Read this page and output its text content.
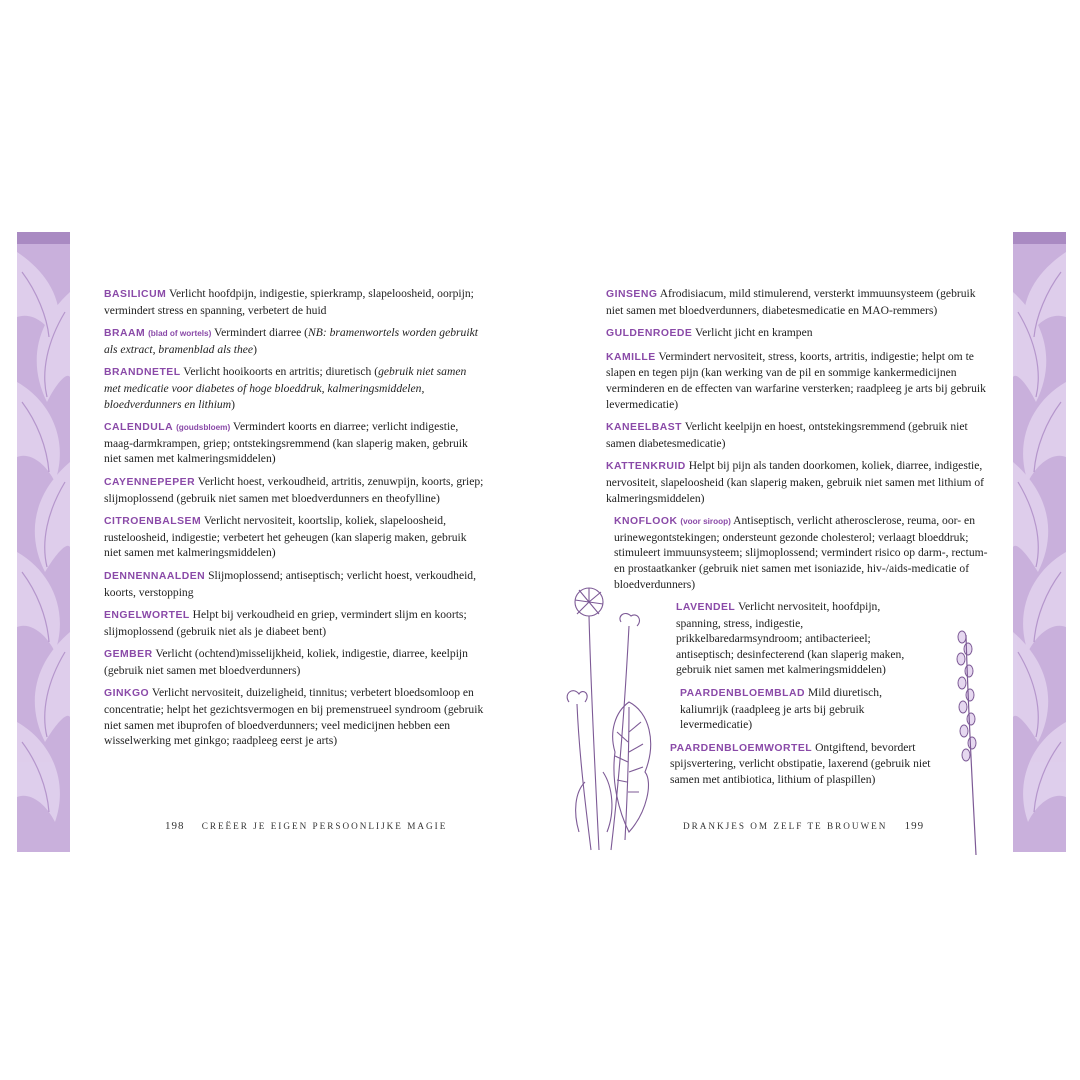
BASILICUM Verlicht hoofdpijn, indigestie, spierkramp, slapeloosheid, oorpijn; vermindert stress en spanning, verbetert de huid

BRAAM (blad of wortels) Vermindert diarree (NB: bramenwortels worden gebruikt als extract, bramenblad als thee)

BRANDNETEL Verlicht hooikoorts en artritis; diuretisch (gebruik niet samen met medicatie voor diabetes of hoge bloeddruk, kalmeringsmiddelen, bloedverdunners en lithium)

CALENDULA (goudsbloem) Vermindert koorts en diarree; verlicht indigestie, maag-darmkrampen, griep; ontstekingsremmend (kan slaperig maken, gebruik niet samen met kalmeringsmiddelen)

CAYENNEPEPER Verlicht hoest, verkoudheid, artritis, zenuwpijn, koorts, griep; slijmoplossend (gebruik niet samen met bloedverdunners en theofylline)

CITROENBALSEM Verlicht nervositeit, koortslip, koliek, slapeloosheid, rusteloosheid, indigestie; verbetert het geheugen (kan slaperig maken, gebruik niet samen met kalmeringsmiddelen)

DENNENNAALDEN Slijmoplossend; antiseptisch; verlicht hoest, verkoudheid, koorts, verstopping

ENGELWORTEL Helpt bij verkoudheid en griep, vermindert slijm en koorts; slijmoplossend (gebruik niet als je diabeet bent)

GEMBER Verlicht (ochtend)misselijkheid, koliek, indigestie, diarree, keelpijn (gebruik niet samen met bloedverdunners)

GINKGO Verlicht nervositeit, duizeligheid, tinnitus; verbetert bloedsomloop en concentratie; helpt het gezichtsvermogen en bij premenstrueel syndroom (gebruik niet samen met ibuprofen of bloedverdunners; veel medicijnen hebben een wisselwerking met ginkgo; raadpleeg eerst je arts)

198 CREËER JE EIGEN PERSOONLIJKE MAGIE

GINSENG Afrodisiacum, mild stimulerend, versterkt immuunsysteem (gebruik niet samen met bloedverdunners, diabetesmedicatie en MAO-remmers)

GULDENROEDE Verlicht jicht en krampen

KAMILLE Vermindert nervositeit, stress, koorts, artritis, indigestie; helpt om te slapen en tegen pijn (kan werking van de pil en sommige kankermedicijnen verminderen en de effecten van warfarine versterken; raadpleeg je arts bij gebruik levermedicatie)

KANEELBAST Verlicht keelpijn en hoest, ontstekingsremmend (gebruik niet samen diabetesmedicatie)

KATTENKRUID Helpt bij pijn als tanden doorkomen, koliek, diarree, indigestie, nervositeit, slapeloosheid (kan slaperig maken, gebruik niet samen met lithium of kalmeringsmiddelen)

KNOFLOOK (voor siroop) Antiseptisch, verlicht atherosclerose, reuma, oor- en urinewegontstekingen; ondersteunt gezonde cholesterol; verlaagt bloeddruk; stimuleert immuunsysteem; slijmoplossend; vermindert risico op darm-, rectum- en prostaatkanker (gebruik niet samen met isoniazide, hiv-/aids-medicatie of bloedverdunners)

LAVENDEL Verlicht nervositeit, hoofdpijn, spanning, stress, indigestie, prikkelbaredarmsyndroom; antibacterieel; antiseptisch; desinfecterend (kan slaperig maken, gebruik niet samen met kalmeringsmiddelen)

PAARDENBLOEMBLAD Mild diuretisch, kaliumrijk (raadpleeg je arts bij gebruik levermedicatie)

PAARDENBLOEMWORTEL Ontgiftend, bevordert spijsvertering, verlicht obstipatie, laxerend (gebruik niet samen met antibiotica, lithium of plaspillen)

DRANKJES OM ZELF TE BROUWEN 199
